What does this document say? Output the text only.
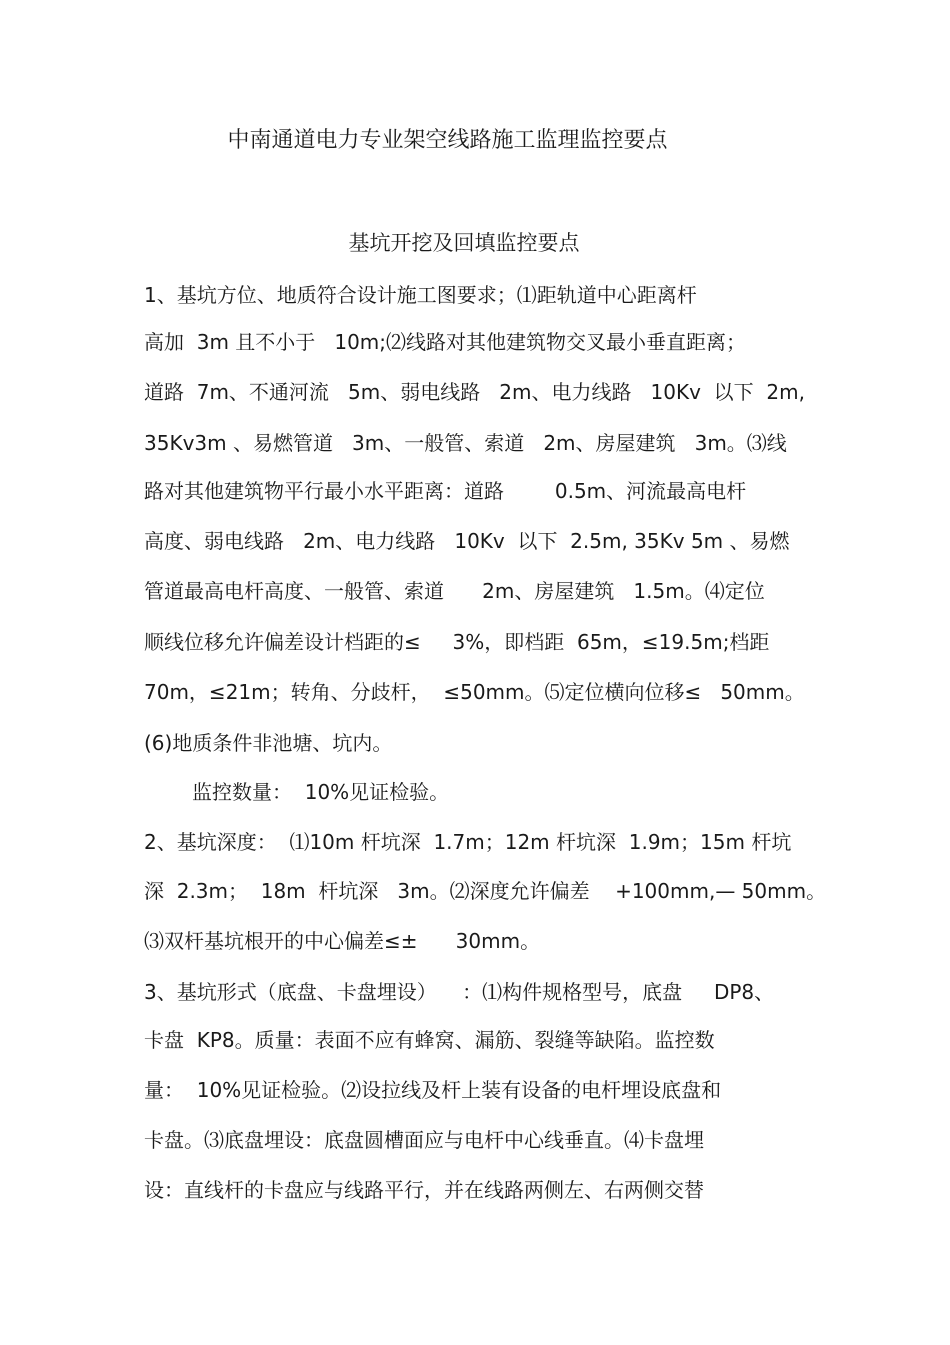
中南通道电力专业架空线路施工监理监控要点
基坑开挖及回填监控要点
1、基坑方位、地质符合设计施工图要求；⑴距轨道中心距离杆
高加  3m 且不小于   10m;⑵线路对其他建筑物交叉最小垂直距离；
道路  7m、不通河流   5m、弱电线路   2m、电力线路   10Kv  以下  2m,
35Kv3m 、易燃管道   3m、一般管、索道   2m、房屋建筑   3m。⑶线
路对其他建筑物平行最小水平距离：道路        0.5m、河流最高电杆
高度、弱电线路   2m、电力线路   10Kv  以下  2.5m, 35Kv 5m 、易燃
管道最高电杆高度、一般管、索道      2m、房屋建筑   1.5m。⑷定位
顺线位移允许偏差设计档距的≤     3%，即档距  65m，≤19.5m;档距
70m，≤21m；转角、分歧杆，  ≤50mm。⑸定位横向位移≤   50mm。
(6)地质条件非池塘、坑内。
监控数量：  10%见证检验。
2、基坑深度：  ⑴10m 杆坑深  1.7m；12m 杆坑深  1.9m；15m 杆坑
深  2.3m；  18m  杆坑深   3m。⑵深度允许偏差    +100mm,— 50mm。
⑶双杆基坑根开的中心偏差≤±      30mm。
3、基坑形式（底盘、卡盘埋设）    ：⑴构件规格型号，底盘     DP8、
卡盘  KP8。质量：表面不应有蜂窝、漏筋、裂缝等缺陷。监控数
量：  10%见证检验。⑵设拉线及杆上装有设备的电杆埋设底盘和
卡盘。⑶底盘埋设：底盘圆槽面应与电杆中心线垂直。⑷卡盘埋
设：直线杆的卡盘应与线路平行，并在线路两侧左、右两侧交替
